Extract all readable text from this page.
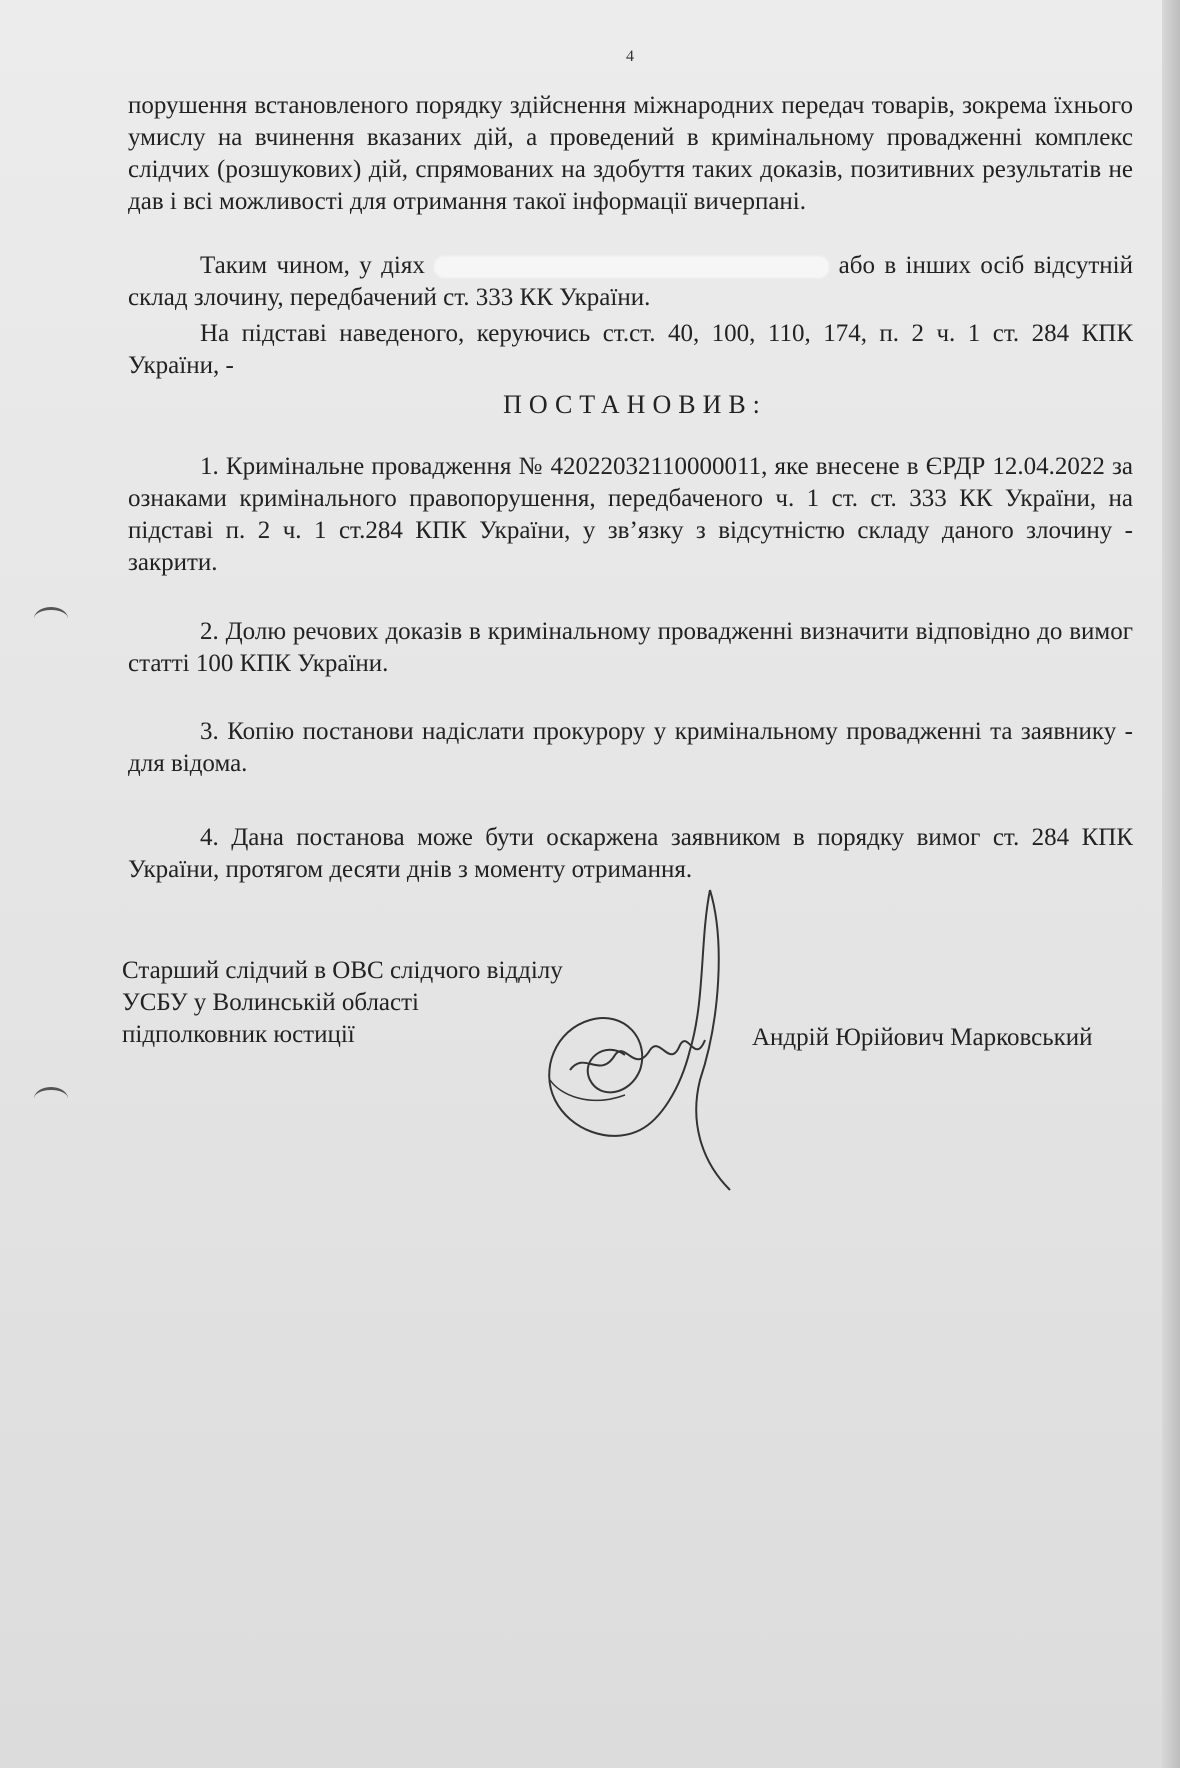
4

порушення встановленого порядку здійснення міжнародних передач товарів, зокрема їхнього умислу на вчинення вказаних дій, а проведений в кримінальному провадженні комплекс слідчих (розшукових) дій, спрямованих на здобуття таких доказів, позитивних результатів не дав і всі можливості для отримання такої інформації вичерпані.

Таким чином, у діях	або в інших осіб відсутній склад злочину, передбачений ст. 333 КК України.

На підставі наведеного, керуючись ст.ст. 40, 100, 110, 174, п. 2 ч. 1 ст. 284 КПК України, -

ПОСТАНОВИВ:

1. Кримінальне провадження № 42022032110000011, яке внесене в ЄРДР 12.04.2022 за ознаками кримінального правопорушення, передбаченого ч. 1 ст. ст. 333 КК України, на підставі п. 2 ч. 1 ст.284 КПК України, у зв’язку з відсутністю складу даного злочину - закрити.

2. Долю речових доказів в кримінальному провадженні визначити відповідно до вимог статті 100 КПК України.

3. Копію постанови надіслати прокурору у кримінальному провадженні та заявнику - для відома.

4. Дана постанова може бути оскаржена заявником в порядку вимог ст. 284 КПК України, протягом десяти днів з моменту отримання.

Старший слідчий в ОВС слідчого відділу
УСБУ у Волинській області
підполковник юстиції	Андрій Юрійович Марковський
